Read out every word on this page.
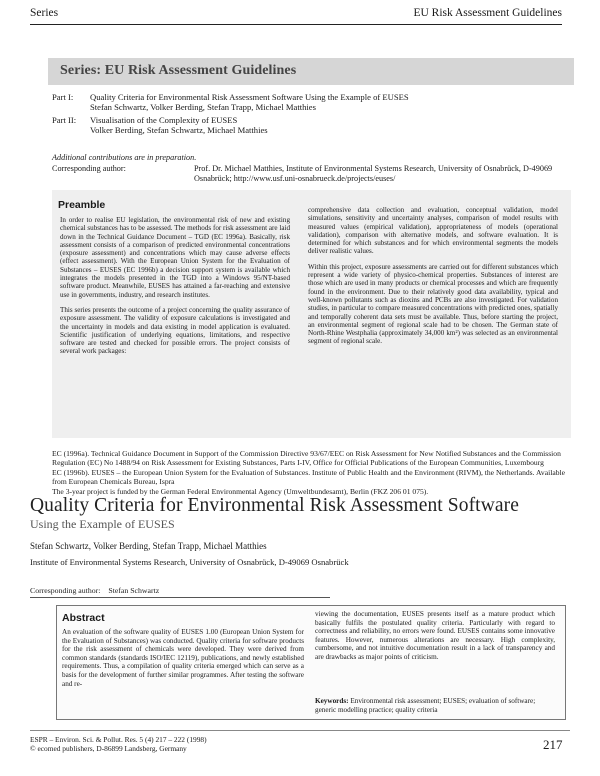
Series	EU Risk Assessment Guidelines
Series: EU Risk Assessment Guidelines
Part I:	Quality Criteria for Environmental Risk Assessment Software Using the Example of EUSES
Stefan Schwartz, Volker Berding, Stefan Trapp, Michael Matthies
Part II:	Visualisation of the Complexity of EUSES
Volker Berding, Stefan Schwartz, Michael Matthies
Additional contributions are in preparation.
Corresponding author:	Prof. Dr. Michael Matthies, Institute of Environmental Systems Research, University of Osnabrück, D-49069 Osnabrück; http://www.usf.uni-osnabrueck.de/projects/euses/
Preamble

In order to realise EU legislation, the environmental risk of new and existing chemical substances has to be assessed. The methods for risk assessment are laid down in the Technical Guidance Document – TGD (EC 1996a). Basically, risk assessment consists of a comparison of predicted environmental concentrations (exposure assessment) and concentrations which may cause adverse effects (effect assessment). With the European Union System for the Evaluation of Substances – EUSES (EC 1996b) a decision support system is available which integrates the models presented in the TGD into a Windows 95/NT-based software product. Meanwhile, EUSES has attained a far-reaching and extensive use in governments, industry, and research institutes.

This series presents the outcome of a project concerning the quality assurance of exposure assessment. The validity of exposure calculations is investigated and the uncertainty in models and data existing in model application is evaluated. Scientific justification of underlying equations, limitations, and respective software are tested and checked for possible errors. The project consists of several work packages:

comprehensive data collection and evaluation, conceptual validation, model simulations, sensitivity and uncertainty analyses, comparison of model results with measured values (empirical validation), appropriateness of models (operational validation), comparison with alternative models, and software evaluation. It is determined for which substances and for which environmental segments the models deliver realistic values.

Within this project, exposure assessments are carried out for different substances which represent a wide variety of physico-chemical properties. Substances of interest are those which are used in many products or chemical processes and which are frequently found in the environment. Due to their relatively good data availability, typical and well-known pollutants such as dioxins and PCBs are also investigated. For validation studies, in particular to compare measured concentrations with predicted ones, spatially and temporally coherent data sets must be available. Thus, before starting the project, an environmental segment of regional scale had to be chosen. The German state of North-Rhine Westphalia (approximately 34,000 km²) was selected as an environmental segment of regional scale.

EC (1996a). Technical Guidance Document in Support of the Commission Directive 93/67/EEC on Risk Assessment for New Notified Substances and the Commission Regulation (EC) No 1488/94 on Risk Assessment for Existing Substances, Parts I-IV, Office for Official Publications of the European Communities, Luxembourg

EC (1996b). EUSES – the European Union System for the Evaluation of Substances. Institute of Public Health and the Environment (RIVM), the Netherlands. Available from European Chemicals Bureau, Ispra

The 3-year project is funded by the German Federal Environmental Agency (Umweltbundesamt), Berlin (FKZ 206 01 075).

Quality Criteria for Environmental Risk Assessment Software
Using the Example of EUSES
Stefan Schwartz, Volker Berding, Stefan Trapp, Michael Matthies
Institute of Environmental Systems Research, University of Osnabrück, D-49069 Osnabrück
Corresponding author: Stefan Schwartz
Abstract
An evaluation of the software quality of EUSES 1.00 (European Union System for the Evaluation of Substances) was conducted. Quality criteria for software products for the risk assessment of chemicals were developed. They were derived from common standards (standards ISO/IEC 12119), publications, and newly established requirements. Thus, a compilation of quality criteria emerged which can serve as a basis for the development of further similar programmes. After testing the software and re-
viewing the documentation, EUSES presents itself as a mature product which basically fulfils the postulated quality criteria. Particularly with regard to correctness and reliability, no errors were found. EUSES contains some innovative features. However, numerous alterations are necessary. High complexity, cumbersome, and not intuitive documentation result in a lack of transparency and are drawbacks as major points of criticism.
Keywords: Environmental risk assessment; EUSES; evaluation of software; generic modelling practice; quality criteria
ESPR – Environ. Sci. & Pollut. Res. 5 (4) 217 – 222 (1998)
© ecomed publishers, D-86899 Landsberg, Germany	217
